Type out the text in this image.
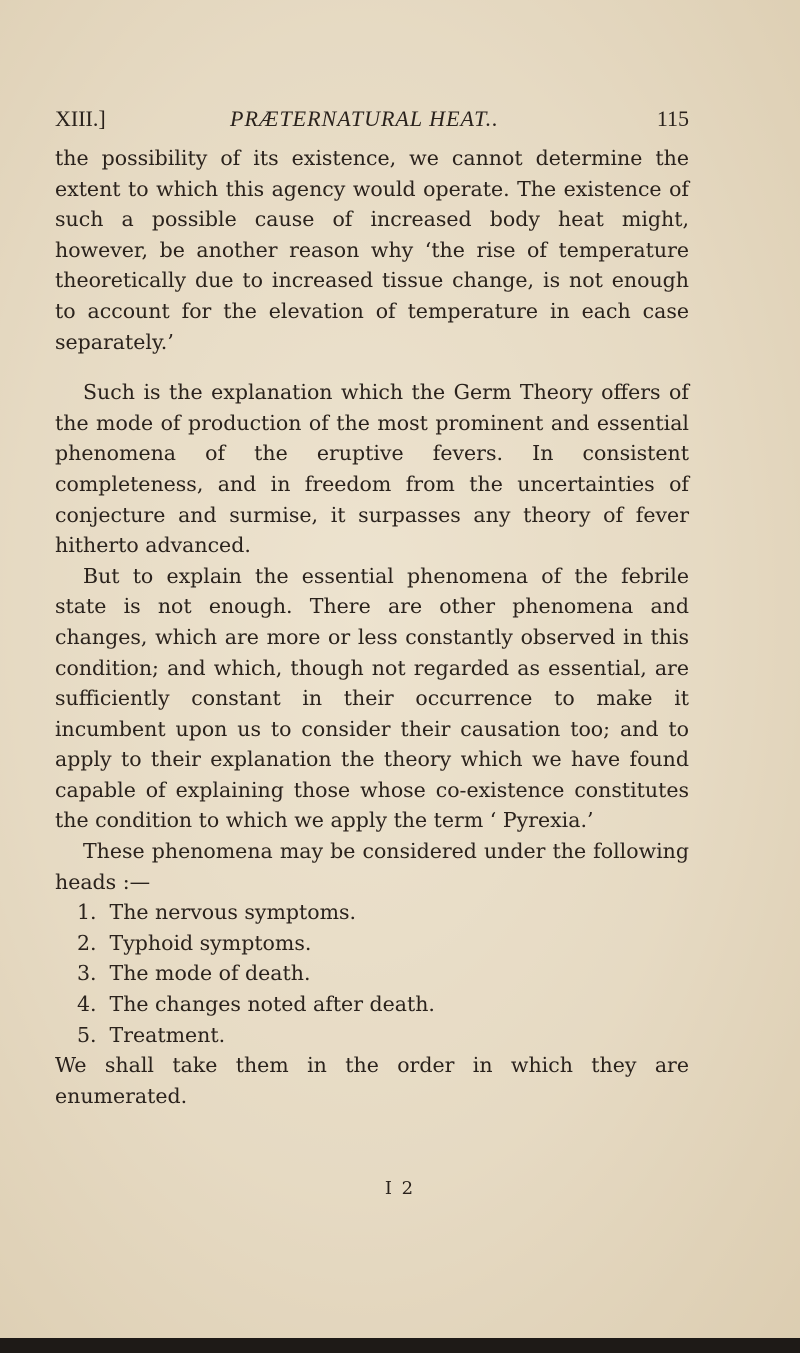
XIII.]	PRÆTERNATURAL HEAT..	115

the possibility of its existence, we cannot determine the extent to which this agency would operate. The existence of such a possible cause of increased body heat might, however, be another reason why ‘the rise of temperature theoretically due to increased tissue change, is not enough to account for the elevation of temperature in each case separately.’

Such is the explanation which the Germ Theory offers of the mode of production of the most prominent and essential phenomena of the eruptive fevers. In consistent completeness, and in freedom from the uncertainties of conjecture and surmise, it surpasses any theory of fever hitherto advanced.

But to explain the essential phenomena of the febrile state is not enough. There are other phenomena and changes, which are more or less constantly observed in this condition; and which, though not regarded as essential, are sufficiently constant in their occurrence to make it incumbent upon us to consider their causation too; and to apply to their explanation the theory which we have found capable of explaining those whose co-existence constitutes the condition to which we apply the term ‘ Pyrexia.’

These phenomena may be considered under the following heads :—

1. The nervous symptoms.
2. Typhoid symptoms.
3. The mode of death.
4. The changes noted after death.
5. Treatment.

We shall take them in the order in which they are enumerated.

I 2
